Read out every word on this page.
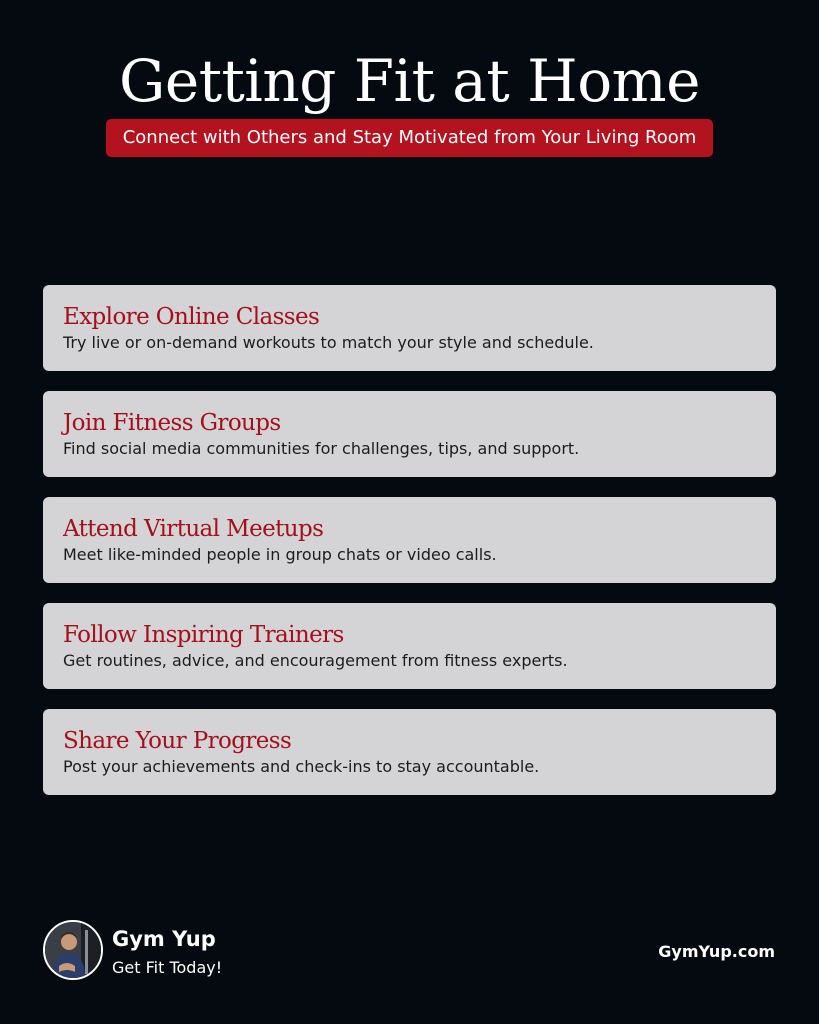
Getting Fit at Home
Connect with Others and Stay Motivated from Your Living Room
Explore Online Classes

Try live or on-demand workouts to match your style and schedule.

Join Fitness Groups

Find social media communities for challenges, tips, and support.

Attend Virtual Meetups

Meet like-minded people in group chats or video calls.

Follow Inspiring Trainers

Get routines, advice, and encouragement from fitness experts.

Share Your Progress

Post your achievements and check-ins to stay accountable.

Gym Yup
Get Fit Today!
GymYup.com
